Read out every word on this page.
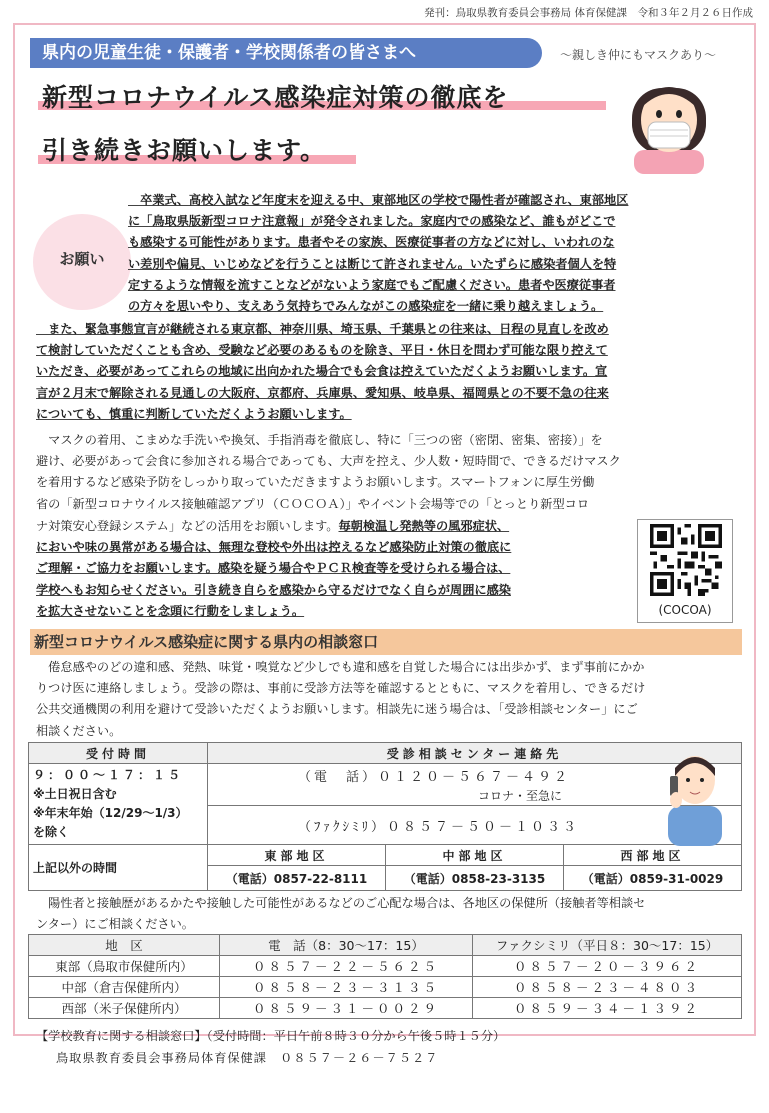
発刊：鳥取県教育委員会事務局 体育保健課　令和３年２月２６日作成
県内の児童生徒・保護者・学校関係者の皆さまへ	～親しき仲にもマスクあり～
新型コロナウイルス感染症対策の徹底を
引き続きお願いします。
お願い
　卒業式、高校入試など年度末を迎える中、東部地区の学校で陽性者が確認され、東部地区
に「鳥取県版新型コロナ注意報」が発令されました。家庭内での感染など、誰もがどこで
も感染する可能性があります。患者やその家族、医療従事者の方などに対し、いわれのな
い差別や偏見、いじめなどを行うことは断じて許されません。いたずらに感染者個人を特
定するような情報を流すことなどがないよう家庭でもご配慮ください。患者や医療従事者
の方々を思いやり、支えあう気持ちでみんながこの感染症を一緒に乗り越えましょう。
　また、緊急事態宣言が継続される東京都、神奈川県、埼玉県、千葉県との往来は、日程の見直しを改め
て検討していただくことも含め、受験など必要のあるものを除き、平日・休日を問わず可能な限り控えて
いただき、必要があってこれらの地域に出向かれた場合でも会食は控えていただくようお願いします。宣
言が２月末で解除される見通しの大阪府、京都府、兵庫県、愛知県、岐阜県、福岡県との不要不急の往来
についても、慎重に判断していただくようお願いします。
　マスクの着用、こまめな手洗いや換気、手指消毒を徹底し、特に「三つの密（密閉、密集、密接）」を
避け、必要があって会食に参加される場合であっても、大声を控え、少人数・短時間で、できるだけマスク
を着用するなど感染予防をしっかり取っていただきますようお願いします。スマートフォンに厚生労働
省の「新型コロナウイルス接触確認アプリ（ＣＯＣＯＡ）」やイベント会場等での「とっとり新型コロ
ナ対策安心登録システム」などの活用をお願いします。毎朝検温し発熱等の風邪症状、
においや味の異常がある場合は、無理な登校や外出は控えるなど感染防止対策の徹底に
ご理解・ご協力をお願いします。感染を疑う場合やＰＣＲ検査等を受けられる場合は、
学校へもお知らせください。引き続き自らを感染から守るだけでなく自らが周囲に感染
を拡大させないことを念頭に行動をしましょう。	(COCOA)
新型コロナウイルス感染症に関する県内の相談窓口
　倦怠感やのどの違和感、発熱、味覚・嗅覚など少しでも違和感を自覚した場合には出歩かず、まず事前にかか
りつけ医に連絡しましょう。受診の際は、事前に受診方法等を確認するとともに、マスクを着用し、できるだけ
公共交通機関の利用を避けて受診いただくようお願いします。相談先に迷う場合は、「受診相談センター」にご
相談ください。
受付時間	受診相談センター連絡先		

９：００～１７：１５
※土日祝日含む
※年末年始（12/29～1/3）
を除く	（電　話）０１２０－５６７－４９２		
	コロナ・至急に		
	（ﾌｧｸｼﾐﾘ）０８５７－５０－１０３３		
上記以外の時間	東部地区	中部地区	西部地区
	（電話）0857-22-8111	（電話）0858-23-3135	（電話）0859-31-0029
　陽性者と接触歴があるかたや接触した可能性があるなどのご心配な場合は、各地区の保健所（接触者等相談セ
ンター）にご相談ください。
地　区	電　話（8：30～17：15）	ファクシミリ（平日８：30～17：15）
東部（鳥取市保健所内）	０８５７－２２－５６２５	０８５７－２０－３９６２
中部（倉吉保健所内）	０８５８－２３－３１３５	０８５８－２３－４８０３
西部（米子保健所内）	０８５９－３１－００２９	０８５９－３４－１３９２
【学校教育に関する相談窓口】（受付時間：平日午前８時３０分から午後５時１５分）
鳥取県教育委員会事務局体育保健課　０８５７－２６－７５２７
